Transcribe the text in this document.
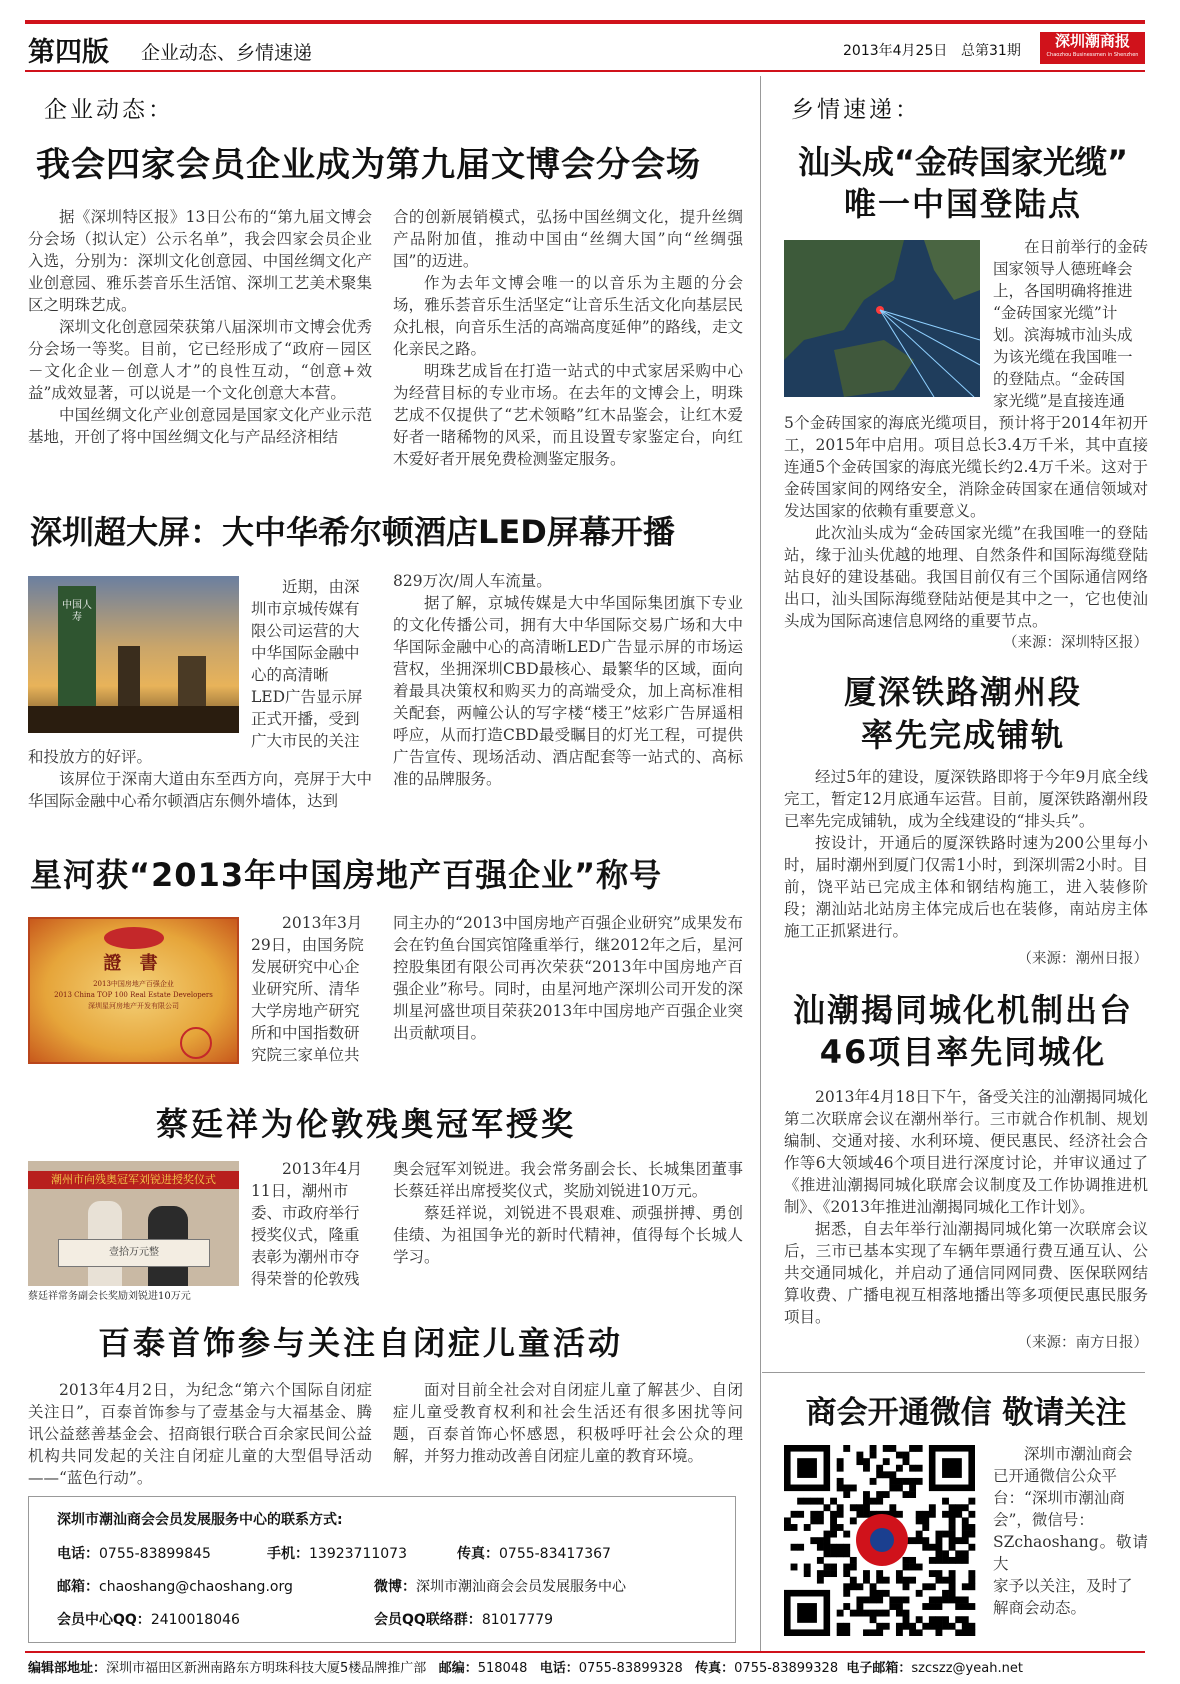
第四版 企业动态、乡情速递	2013年4月25日 总第31期
深圳潮商报
Chaozhou Businessmen in Shenzhen
企业动态：
我会四家会员企业成为第九届文博会分会场

据《深圳特区报》13日公布的“第九届文博会分会场（拟认定）公示名单”，我会四家会员企业入选，分别为：深圳文化创意园、中国丝绸文化产业创意园、雅乐荟音乐生活馆、深圳工艺美术聚集区之明珠艺成。

深圳文化创意园荣获第八届深圳市文博会优秀分会场一等奖。目前，它已经形成了“政府－园区－文化企业－创意人才”的良性互动，“创意+效益”成效显著，可以说是一个文化创意大本营。

中国丝绸文化产业创意园是国家文化产业示范基地，开创了将中国丝绸文化与产品经济相结

合的创新展销模式，弘扬中国丝绸文化，提升丝绸产品附加值，推动中国由“丝绸大国”向“丝绸强国”的迈进。

作为去年文博会唯一的以音乐为主题的分会场，雅乐荟音乐生活坚定“让音乐生活文化向基层民众扎根，向音乐生活的高端高度延伸”的路线，走文化亲民之路。

明珠艺成旨在打造一站式的中式家居采购中心为经营目标的专业市场。在去年的文博会上，明珠艺成不仅提供了“艺术领略”红木品鉴会，让红木爱好者一睹稀物的风采，而且设置专家鉴定台，向红木爱好者开展免费检测鉴定服务。

深圳超大屏：大中华希尔顿酒店LED屏幕开播
中国人寿
近期，由深
圳市京城传媒有
限公司运营的大
中华国际金融中
心的高清晰
LED广告显示屏
正式开播，受到
广大市民的关注
和投放方的好评。

该屏位于深南大道由东至西方向，亮屏于大中华国际金融中心希尔顿酒店东侧外墙体，达到

829万次/周人车流量。

据了解，京城传媒是大中华国际集团旗下专业的文化传播公司，拥有大中华国际交易广场和大中华国际金融中心的高清晰LED广告显示屏的市场运营权，坐拥深圳CBD最核心、最繁华的区域，面向着最具决策权和购买力的高端受众，加上高标准相关配套，两幢公认的写字楼“楼王”炫彩广告屏遥相呼应，从而打造CBD最受瞩目的灯光工程，可提供广告宣传、现场活动、酒店配套等一站式的、高标准的品牌服务。

星河获“2013年中国房地产百强企业”称号
證 書
2013中国房地产百强企业
2013 China TOP 100 Real Estate Developers
深圳星河房地产开发有限公司
2013年3月
29日，由国务院
发展研究中心企
业研究所、清华
大学房地产研究
所和中国指数研
究院三家单位共

同主办的“2013中国房地产百强企业研究”成果发布会在钓鱼台国宾馆隆重举行，继2012年之后，星河控股集团有限公司再次荣获“2013年中国房地产百强企业”称号。同时，由星河地产深圳公司开发的深圳星河盛世项目荣获2013年中国房地产百强企业突出贡献项目。

蔡廷祥为伦敦残奥冠军授奖
潮州市向残奥冠军刘锐进授奖仪式
壹拾万元整
蔡廷祥常务副会长奖励刘锐进10万元
2013年4月
11日，潮州市
委、市政府举行
授奖仪式，隆重
表彰为潮州市夺
得荣誉的伦敦残

奥会冠军刘锐进。我会常务副会长、长城集团董事长蔡廷祥出席授奖仪式，奖励刘锐进10万元。

蔡廷祥说，刘锐进不畏艰难、顽强拼搏、勇创佳绩、为祖国争光的新时代精神，值得每个长城人学习。

百泰首饰参与关注自闭症儿童活动

2013年4月2日，为纪念“第六个国际自闭症关注日”，百泰首饰参与了壹基金与大福基金、腾讯公益慈善基金会、招商银行联合百余家民间公益机构共同发起的关注自闭症儿童的大型倡导活动——“蓝色行动”。

面对目前全社会对自闭症儿童了解甚少、自闭症儿童受教育权利和社会生活还有很多困扰等问题，百泰首饰心怀感恩，积极呼吁社会公众的理解，并努力推动改善自闭症儿童的教育环境。

深圳市潮汕商会会员发展服务中心的联系方式:
电话：0755-83899845	手机：13923711073	传真：0755-83417367
邮箱：chaoshang@chaoshang.org	微博：深圳市潮汕商会会员发展服务中心
会员中心QQ：2410018046	会员QQ联络群：81017779
乡情速递：
汕头成“金砖国家光缆”
唯一中国登陆点
在日前举行的金砖
国家领导人德班峰会
上，各国明确将推进
“金砖国家光缆”计
划。滨海城市汕头成
为该光缆在我国唯一
的登陆点。“金砖国
家光缆”是直接连通

5个金砖国家的海底光缆项目，预计将于2014年初开工，2015年中启用。项目总长3.4万千米，其中直接连通5个金砖国家的海底光缆长约2.4万千米。这对于金砖国家间的网络安全，消除金砖国家在通信领域对发达国家的依赖有重要意义。

此次汕头成为“金砖国家光缆”在我国唯一的登陆站，缘于汕头优越的地理、自然条件和国际海缆登陆站良好的建设基础。我国目前仅有三个国际通信网络出口，汕头国际海缆登陆站便是其中之一，它也使汕头成为国际高速信息网络的重要节点。

（来源：深圳特区报）
厦深铁路潮州段
率先完成铺轨

经过5年的建设，厦深铁路即将于今年9月底全线完工，暂定12月底通车运营。目前，厦深铁路潮州段已率先完成铺轨，成为全线建设的“排头兵”。

按设计，开通后的厦深铁路时速为200公里每小时，届时潮州到厦门仅需1小时，到深圳需2小时。目前，饶平站已完成主体和钢结构施工，进入装修阶段；潮汕站北站房主体完成后也在装修，南站房主体施工正抓紧进行。

（来源：潮州日报）
汕潮揭同城化机制出台
46项目率先同城化

2013年4月18日下午，备受关注的汕潮揭同城化第二次联席会议在潮州举行。三市就合作机制、规划编制、交通对接、水利环境、便民惠民、经济社会合作等6大领域46个项目进行深度讨论，并审议通过了《推进汕潮揭同城化联席会议制度及工作协调推进机制》、《2013年推进汕潮揭同城化工作计划》。

据悉，自去年举行汕潮揭同城化第一次联席会议后，三市已基本实现了车辆年票通行费互通互认、公共交通同城化，并启动了通信同网同费、医保联网结算收费、广播电视互相落地播出等多项便民惠民服务项目。

（来源：南方日报）
商会开通微信 敬请关注
深圳市潮汕商会
已开通微信公众平
台：“深圳市潮汕商
会”，微信号：
SZchaoshang。敬请大
家予以关注，及时了
解商会动态。
编辑部地址：深圳市福田区新洲南路东方明珠科技大厦5楼品牌推广部 邮编：518048 电话：0755-83899328 传真：0755-83899328 电子邮箱：szcszz@yeah.net
